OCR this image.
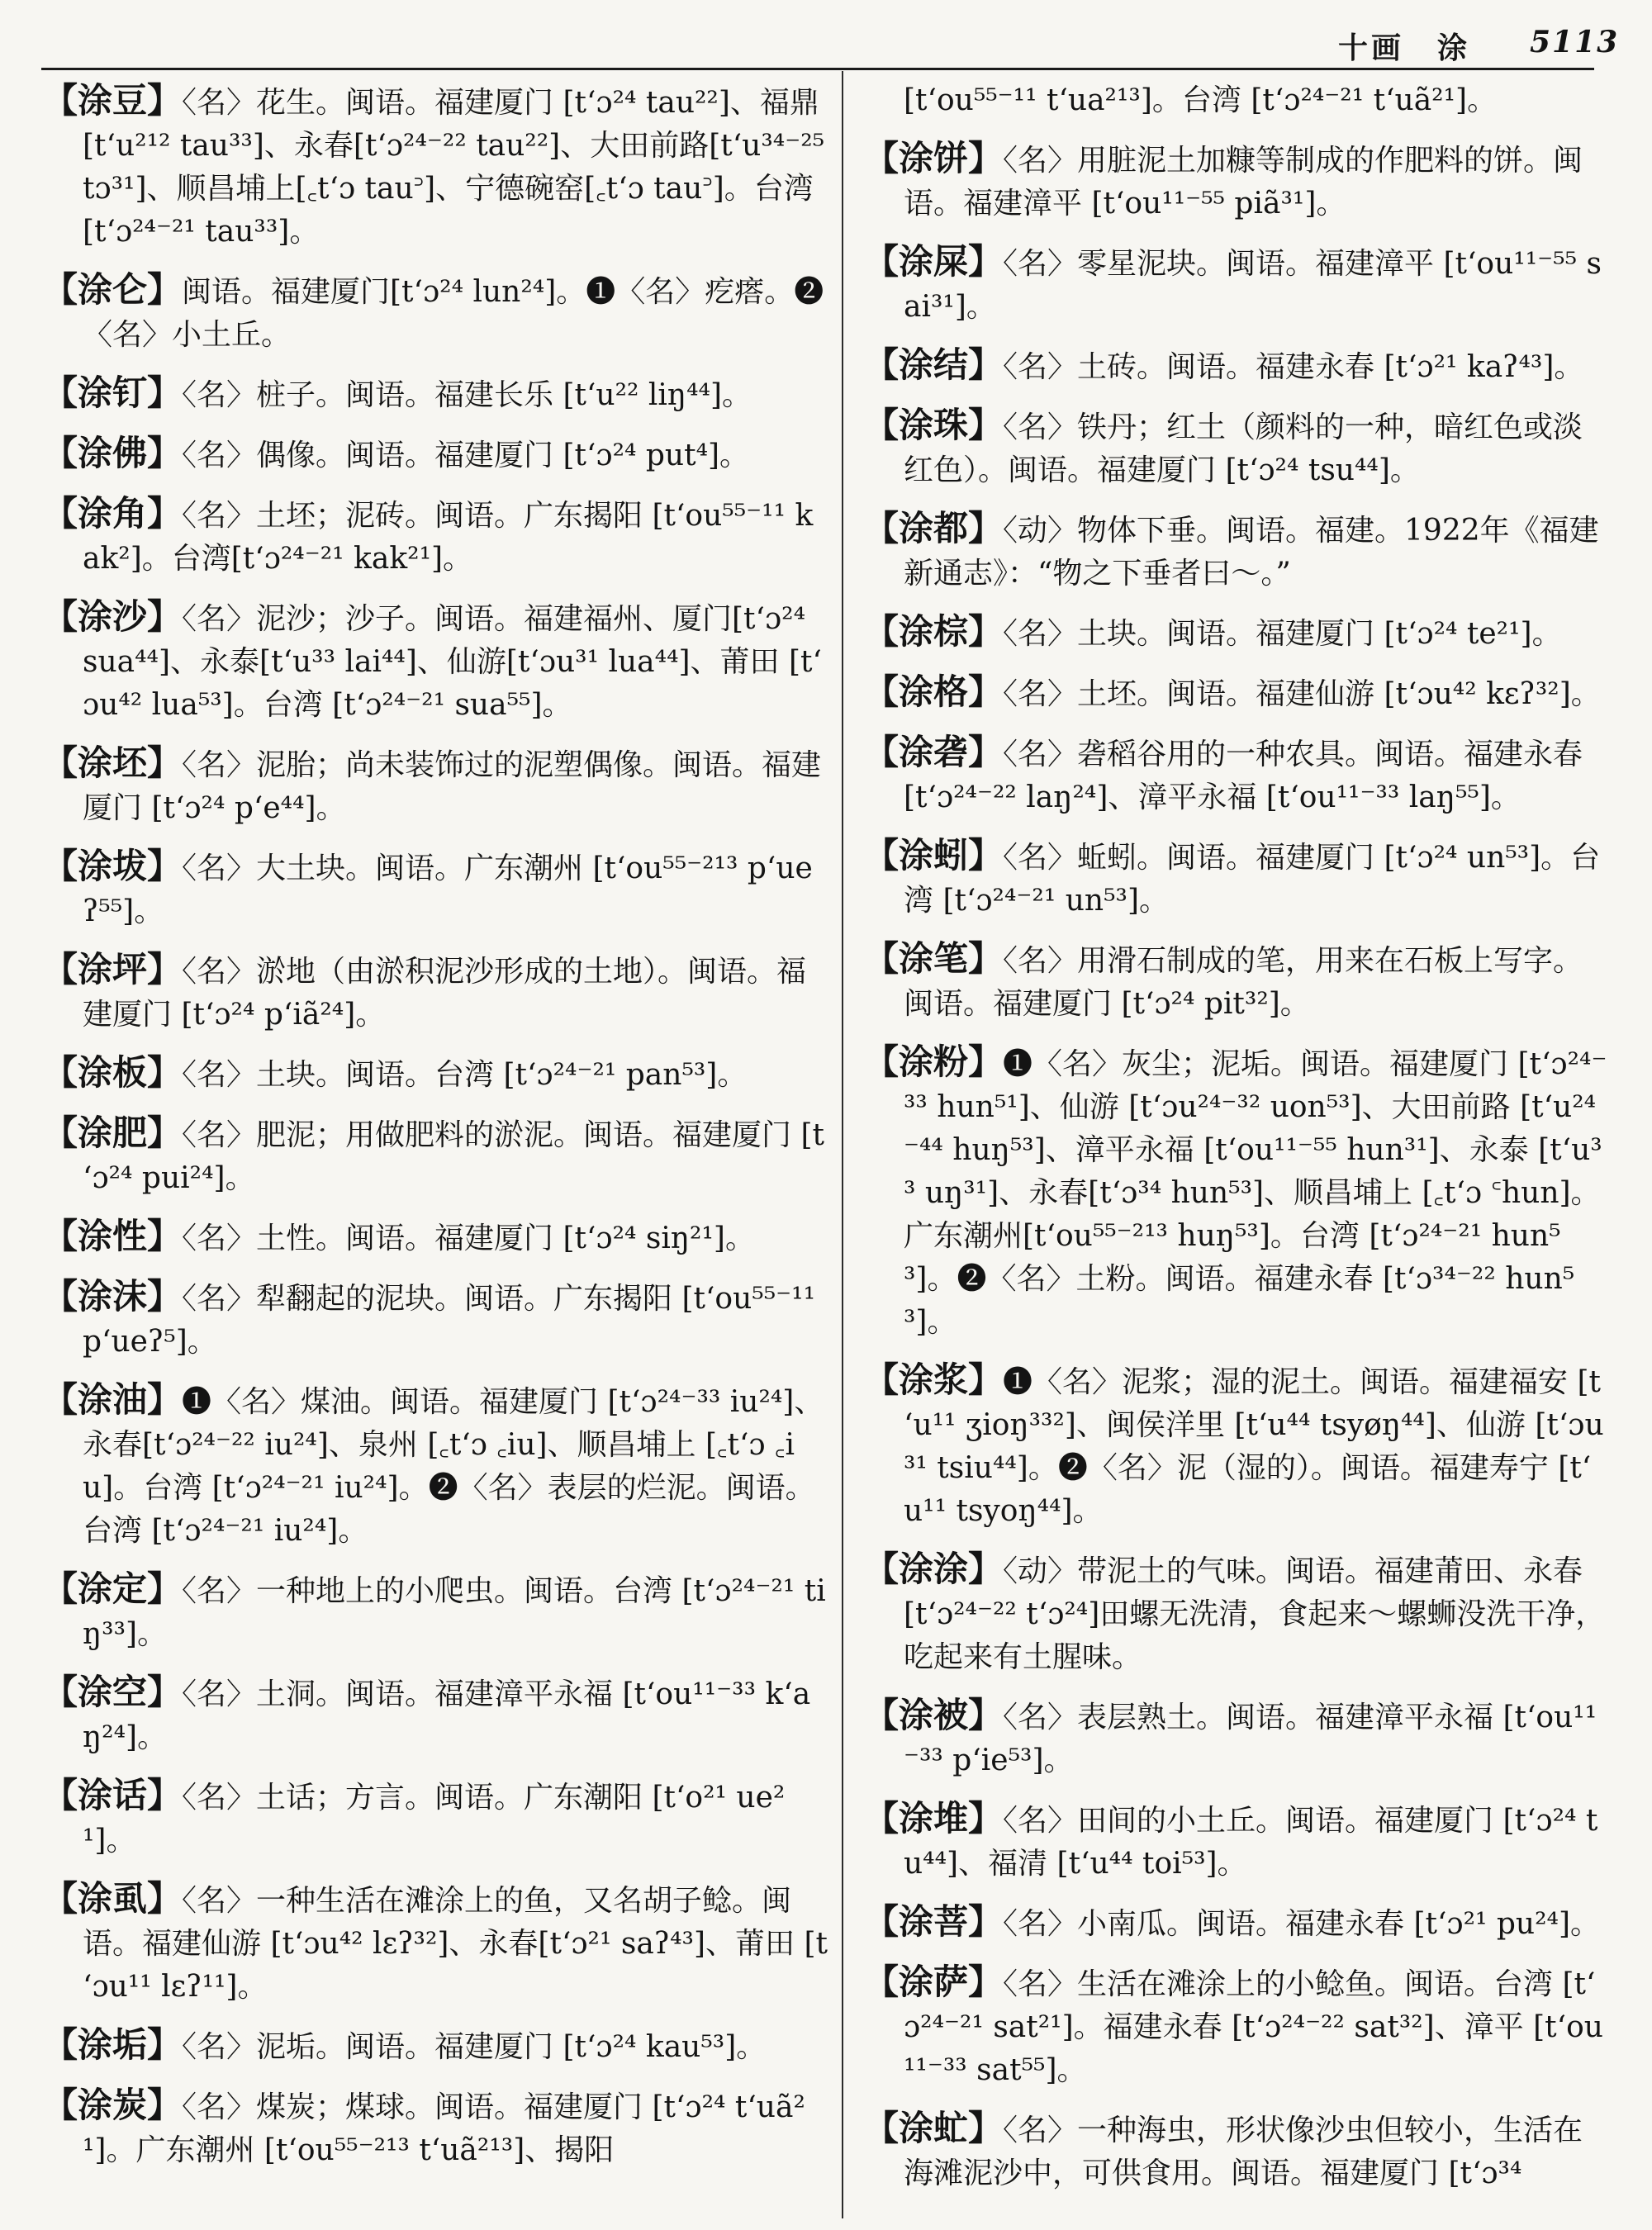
十画 涂 5113
【涂豆】〈名〉花生。闽语。福建厦门 [tʻɔ²⁴ tau²²]、福鼎[tʻu²¹² tau³³]、永春[tʻɔ²⁴⁻²² tau²²]、大田前路[tʻu³⁴⁻²⁵ tɔ³¹]、顺昌埔上[꜀tʻɔ tau꜄]、宁德碗窑[꜀tʻɔ tau꜄]。台湾 [tʻɔ²⁴⁻²¹ tau³³]。
【涂仑】闽语。福建厦门[tʻɔ²⁴ lun²⁴]。❶〈名〉疙瘩。❷〈名〉小土丘。
【涂钉】〈名〉桩子。闽语。福建长乐 [tʻu²² liŋ⁴⁴]。
【涂佛】〈名〉偶像。闽语。福建厦门 [tʻɔ²⁴ put⁴]。
【涂角】〈名〉土坯；泥砖。闽语。广东揭阳 [tʻou⁵⁵⁻¹¹ kak²]。台湾[tʻɔ²⁴⁻²¹ kak²¹]。
【涂沙】〈名〉泥沙；沙子。闽语。福建福州、厦门[tʻɔ²⁴ sua⁴⁴]、永泰[tʻu³³ lai⁴⁴]、仙游[tʻɔu³¹ lua⁴⁴]、莆田 [tʻɔu⁴² lua⁵³]。台湾 [tʻɔ²⁴⁻²¹ sua⁵⁵]。
【涂坯】〈名〉泥胎；尚未装饰过的泥塑偶像。闽语。福建厦门 [tʻɔ²⁴ pʻe⁴⁴]。
【涂坺】〈名〉大土块。闽语。广东潮州 [tʻou⁵⁵⁻²¹³ pʻueʔ⁵⁵]。
【涂坪】〈名〉淤地（由淤积泥沙形成的土地）。闽语。福建厦门 [tʻɔ²⁴ pʻiã²⁴]。
【涂板】〈名〉土块。闽语。台湾 [tʻɔ²⁴⁻²¹ pan⁵³]。
【涂肥】〈名〉肥泥；用做肥料的淤泥。闽语。福建厦门 [tʻɔ²⁴ pui²⁴]。
【涂性】〈名〉土性。闽语。福建厦门 [tʻɔ²⁴ siŋ²¹]。
【涂沫】〈名〉犁翻起的泥块。闽语。广东揭阳 [tʻou⁵⁵⁻¹¹ pʻueʔ⁵]。
【涂油】❶〈名〉煤油。闽语。福建厦门 [tʻɔ²⁴⁻³³ iu²⁴]、永春[tʻɔ²⁴⁻²² iu²⁴]、泉州 [꜀tʻɔ ꜀iu]、顺昌埔上 [꜀tʻɔ ꜀iu]。台湾 [tʻɔ²⁴⁻²¹ iu²⁴]。❷〈名〉表层的烂泥。闽语。台湾 [tʻɔ²⁴⁻²¹ iu²⁴]。
【涂定】〈名〉一种地上的小爬虫。闽语。台湾 [tʻɔ²⁴⁻²¹ tiŋ³³]。
【涂空】〈名〉土洞。闽语。福建漳平永福 [tʻou¹¹⁻³³ kʻaŋ²⁴]。
【涂话】〈名〉土话；方言。闽语。广东潮阳 [tʻo²¹ ue²¹]。
【涂虱】〈名〉一种生活在滩涂上的鱼，又名胡子鲶。闽语。福建仙游 [tʻɔu⁴² lɛʔ³²]、永春[tʻɔ²¹ saʔ⁴³]、莆田 [tʻɔu¹¹ lɛʔ¹¹]。
【涂垢】〈名〉泥垢。闽语。福建厦门 [tʻɔ²⁴ kau⁵³]。
【涂炭】〈名〉煤炭；煤球。闽语。福建厦门 [tʻɔ²⁴ tʻuã²¹]。广东潮州 [tʻou⁵⁵⁻²¹³ tʻuã²¹³]、揭阳
[tʻou⁵⁵⁻¹¹ tʻua²¹³]。台湾 [tʻɔ²⁴⁻²¹ tʻuã²¹]。
【涂饼】〈名〉用脏泥土加糠等制成的作肥料的饼。闽语。福建漳平 [tʻou¹¹⁻⁵⁵ piã³¹]。
【涂屎】〈名〉零星泥块。闽语。福建漳平 [tʻou¹¹⁻⁵⁵ sai³¹]。
【涂结】〈名〉土砖。闽语。福建永春 [tʻɔ²¹ kaʔ⁴³]。
【涂珠】〈名〉铁丹；红土（颜料的一种，暗红色或淡红色）。闽语。福建厦门 [tʻɔ²⁴ tsu⁴⁴]。
【涂都】〈动〉物体下垂。闽语。福建。1922年《福建新通志》：“物之下垂者曰～。”
【涂棕】〈名〉土块。闽语。福建厦门 [tʻɔ²⁴ te²¹]。
【涂格】〈名〉土坯。闽语。福建仙游 [tʻɔu⁴² kɛʔ³²]。
【涂砻】〈名〉砻稻谷用的一种农具。闽语。福建永春 [tʻɔ²⁴⁻²² laŋ²⁴]、漳平永福 [tʻou¹¹⁻³³ laŋ⁵⁵]。
【涂蚓】〈名〉蚯蚓。闽语。福建厦门 [tʻɔ²⁴ un⁵³]。台湾 [tʻɔ²⁴⁻²¹ un⁵³]。
【涂笔】〈名〉用滑石制成的笔，用来在石板上写字。闽语。福建厦门 [tʻɔ²⁴ pit³²]。
【涂粉】❶〈名〉灰尘；泥垢。闽语。福建厦门 [tʻɔ²⁴⁻³³ hun⁵¹]、仙游 [tʻɔu²⁴⁻³² uon⁵³]、大田前路 [tʻu²⁴⁻⁴⁴ huŋ⁵³]、漳平永福 [tʻou¹¹⁻⁵⁵ hun³¹]、永泰 [tʻu³³ uŋ³¹]、永春[tʻɔ³⁴ hun⁵³]、顺昌埔上 [꜀tʻɔ ꜂hun]。广东潮州[tʻou⁵⁵⁻²¹³ huŋ⁵³]。台湾 [tʻɔ²⁴⁻²¹ hun⁵³]。❷〈名〉土粉。闽语。福建永春 [tʻɔ³⁴⁻²² hun⁵³]。
【涂浆】❶〈名〉泥浆；湿的泥土。闽语。福建福安 [tʻu¹¹ ʒioŋ³³²]、闽侯洋里 [tʻu⁴⁴ tsyøŋ⁴⁴]、仙游 [tʻɔu³¹ tsiu⁴⁴]。❷〈名〉泥（湿的）。闽语。福建寿宁 [tʻu¹¹ tsyoŋ⁴⁴]。
【涂涂】〈动〉带泥土的气味。闽语。福建莆田、永春 [tʻɔ²⁴⁻²² tʻɔ²⁴]田螺无洗清，食起来～螺蛳没洗干净，吃起来有土腥味。
【涂被】〈名〉表层熟土。闽语。福建漳平永福 [tʻou¹¹⁻³³ pʻie⁵³]。
【涂堆】〈名〉田间的小土丘。闽语。福建厦门 [tʻɔ²⁴ tu⁴⁴]、福清 [tʻu⁴⁴ toi⁵³]。
【涂菩】〈名〉小南瓜。闽语。福建永春 [tʻɔ²¹ pu²⁴]。
【涂萨】〈名〉生活在滩涂上的小鲶鱼。闽语。台湾 [tʻɔ²⁴⁻²¹ sat²¹]。福建永春 [tʻɔ²⁴⁻²² sat³²]、漳平 [tʻou¹¹⁻³³ sat⁵⁵]。
【涂虻】〈名〉一种海虫，形状像沙虫但较小，生活在海滩泥沙中，可供食用。闽语。福建厦门 [tʻɔ³⁴
